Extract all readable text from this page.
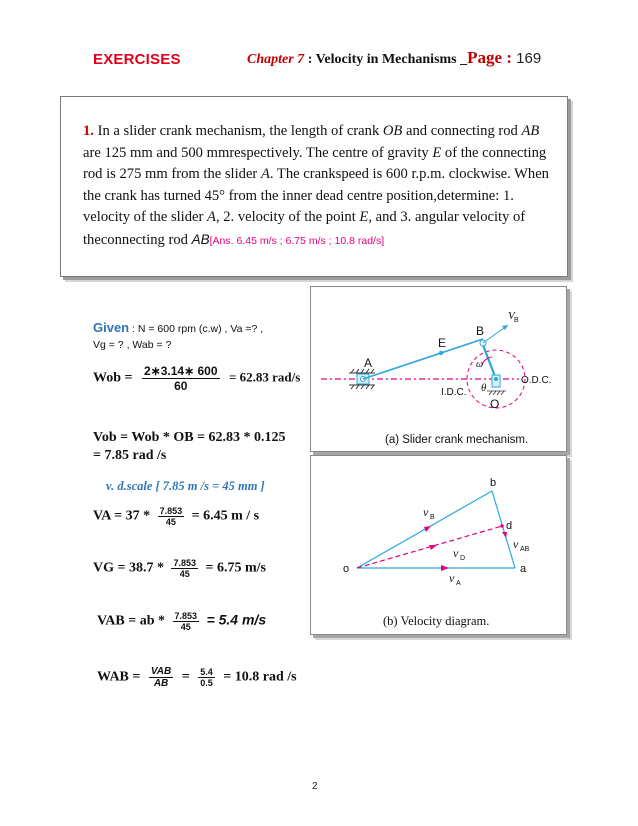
EXERCISES	Chapter 7 : Velocity in Mechanisms _Page : 169
1. In a slider crank mechanism, the length of crank OB and connecting rod AB are 125 mm and 500 mmrespectively. The centre of gravity E of the connecting rod is 275 mm from the slider A. The crankspeed is 600 r.p.m. clockwise. When the crank has turned 45° from the inner dead centre position,determine: 1. velocity of the slider A, 2. velocity of the point E, and 3. angular velocity of theconnecting rod AB[Ans. 6.45 m/s ; 6.75 m/s ; 10.8 rad/s]
Given : N = 600 rpm (c.w) , Va =? ,
Vg = ? , Wab = ?
Wob = $\frac{2∗3.14∗ 600}{60} = 62.83$ rad/s
Vob = Wob * OB = 62.83 * 0.125
= 7.85 rad /s
v. d.scale [ 7.85 m /s = 45 mm ]
VA = $37 * \frac{7.853}{45} = 6.45$ m / s
VG = $38.7 * \frac{7.853}{45} = 6.75$ m/s
VAB = ab * $\frac{7.853}{45} = 5.4$ m/s
WAB = $\frac{\text{VAB}}{AB} = \frac{5.4}{0.5} = 10.8$ rad /s
A
E
B
V B
ω
θ
O
I.D.C.
O.D.C.
(a) Slider crank mechanism.
o	a
b
d
v B
v D
v A
v AB
(b) Velocity diagram.
2
